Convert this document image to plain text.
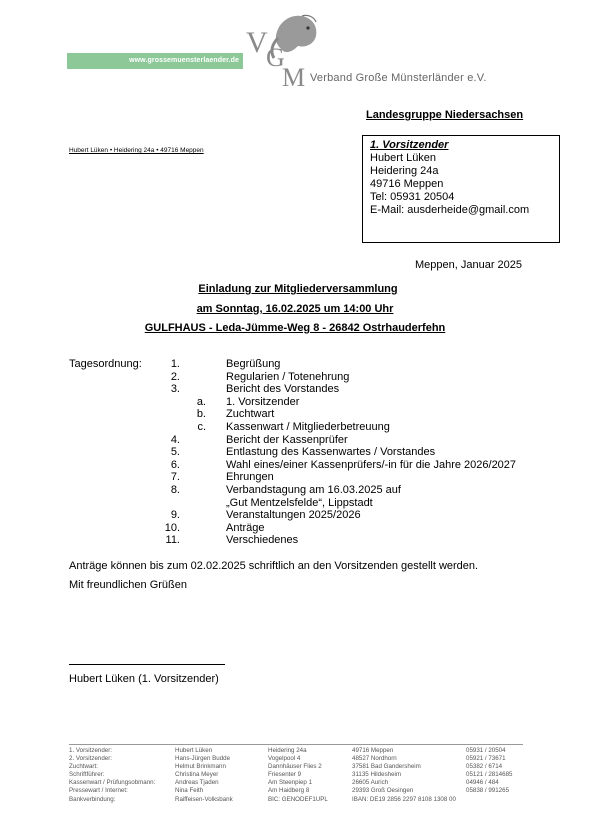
www.grossemuensterlaender.de
V
G
M Verband Große Münsterländer e.V.
Landesgruppe Niedersachsen
Hubert Lüken • Heidering 24a • 49716 Meppen	1. Vorsitzender
Hubert Lüken
Heidering 24a
49716 Meppen
Tel: 05931 20504
E-Mail: ausderheide@gmail.com
Meppen, Januar 2025
Einladung zur Mitgliederversammlung
am Sonntag, 16.02.2025 um 14:00 Uhr
GULFHAUS - Leda-Jümme-Weg 8 - 26842 Ostrhauderfehn
Tagesordnung:	1.	Begrüßung
2.	Regularien / Totenehrung
3.	Bericht des Vorstandes
a. 1. Vorsitzender
b. Zuchtwart
c. Kassenwart / Mitgliederbetreuung
4.	Bericht der Kassenprüfer
5.	Entlastung des Kassenwartes / Vorstandes
6.	Wahl eines/einer Kassenprüfers/-in für die Jahre 2026/2027
7.	Ehrungen
8.	Verbandstagung am 16.03.2025 auf
„Gut Mentzelsfelde“, Lippstadt
9.	Veranstaltungen 2025/2026
10.	Anträge
11.	Verschiedenes
Anträge können bis zum 02.02.2025 schriftlich an den Vorsitzenden gestellt werden.
Mit freundlichen Grüßen
Hubert Lüken (1. Vorsitzender)
1. Vorsitzender:	Hubert Lüken	Heidering 24a	49716 Meppen	05931 / 20504
2. Vorsitzender:	Hans-Jürgen Budde	Vogelpool 4	48527 Nordhorn	05921 / 73671
Zuchtwart:	Helmut Brinkmann	Dannhäuser Flies 2	37581 Bad Gandersheim	05382 / 6714
Schriftführer:	Christina Meyer	Friesenter 9	31135 Hildesheim	05121 / 2814685
Kassenwart / Prüfungsobmann:	Andreas Tjaden	Am Steenpiep 1	26605 Aurich	04946 / 484
Pressewart / Internet:	Nina Feith	Am Haidberg 8	29393 Groß Oesingen	05838 / 991265
Bankverbindung:	Raiffeisen-Volksbank	BIC: GENODEF1UPL	IBAN: DE19 2856 2297 8108 1308 00
